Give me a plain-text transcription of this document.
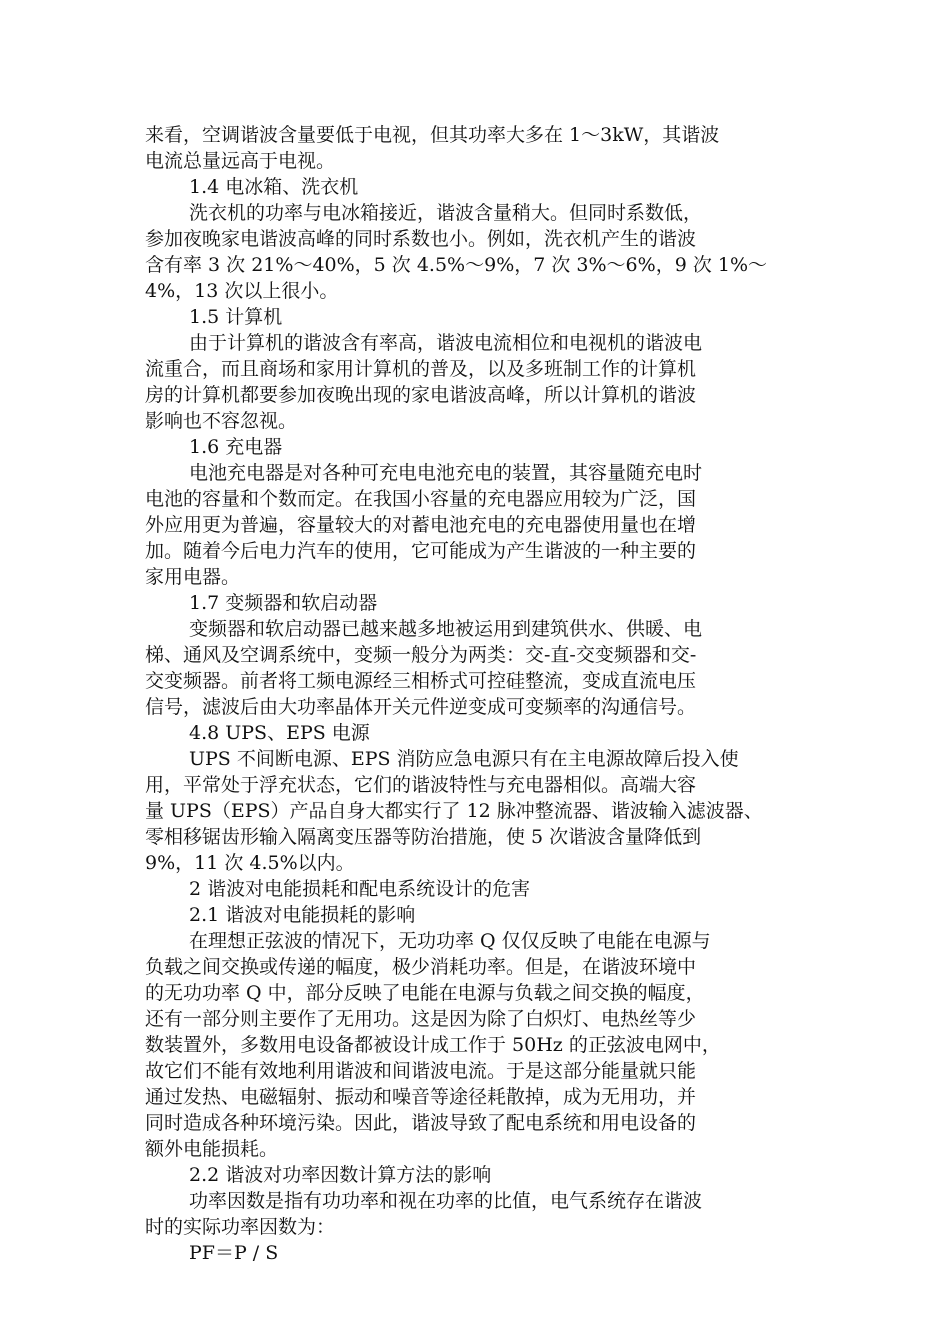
来看，空调谐波含量要低于电视，但其功率大多在 1～3kW，其谐波
电流总量远高于电视。
1.4 电冰箱、洗衣机
洗衣机的功率与电冰箱接近，谐波含量稍大。但同时系数低，
参加夜晚家电谐波高峰的同时系数也小。例如，洗衣机产生的谐波
含有率 3 次 21%～40%，5 次 4.5%～9%，7 次 3%～6%，9 次 1%～
4%，13 次以上很小。
1.5 计算机
由于计算机的谐波含有率高，谐波电流相位和电视机的谐波电
流重合，而且商场和家用计算机的普及，以及多班制工作的计算机
房的计算机都要参加夜晚出现的家电谐波高峰，所以计算机的谐波
影响也不容忽视。
1.6 充电器
电池充电器是对各种可充电电池充电的装置，其容量随充电时
电池的容量和个数而定。在我国小容量的充电器应用较为广泛，国
外应用更为普遍，容量较大的对蓄电池充电的充电器使用量也在增
加。随着今后电力汽车的使用，它可能成为产生谐波的一种主要的
家用电器。
1.7 变频器和软启动器
变频器和软启动器已越来越多地被运用到建筑供水、供暖、电
梯、通风及空调系统中，变频一般分为两类：交-直-交变频器和交-
交变频器。前者将工频电源经三相桥式可控硅整流，变成直流电压
信号，滤波后由大功率晶体开关元件逆变成可变频率的沟通信号。
4.8 UPS、EPS 电源
UPS 不间断电源、EPS 消防应急电源只有在主电源故障后投入使
用，平常处于浮充状态，它们的谐波特性与充电器相似。高端大容
量 UPS（EPS）产品自身大都实行了 12 脉冲整流器、谐波输入滤波器、
零相移锯齿形输入隔离变压器等防治措施，使 5 次谐波含量降低到
9%，11 次 4.5%以内。
2 谐波对电能损耗和配电系统设计的危害
2.1 谐波对电能损耗的影响
在理想正弦波的情况下，无功功率 Q 仅仅反映了电能在电源与
负载之间交换或传递的幅度，极少消耗功率。但是，在谐波环境中
的无功功率 Q 中，部分反映了电能在电源与负载之间交换的幅度，
还有一部分则主要作了无用功。这是因为除了白炽灯、电热丝等少
数装置外，多数用电设备都被设计成工作于 50Hz 的正弦波电网中，
故它们不能有效地利用谐波和间谐波电流。于是这部分能量就只能
通过发热、电磁辐射、振动和噪音等途径耗散掉，成为无用功，并
同时造成各种环境污染。因此，谐波导致了配电系统和用电设备的
额外电能损耗。
2.2 谐波对功率因数计算方法的影响
功率因数是指有功功率和视在功率的比值，电气系统存在谐波
时的实际功率因数为：
PF＝P / S
